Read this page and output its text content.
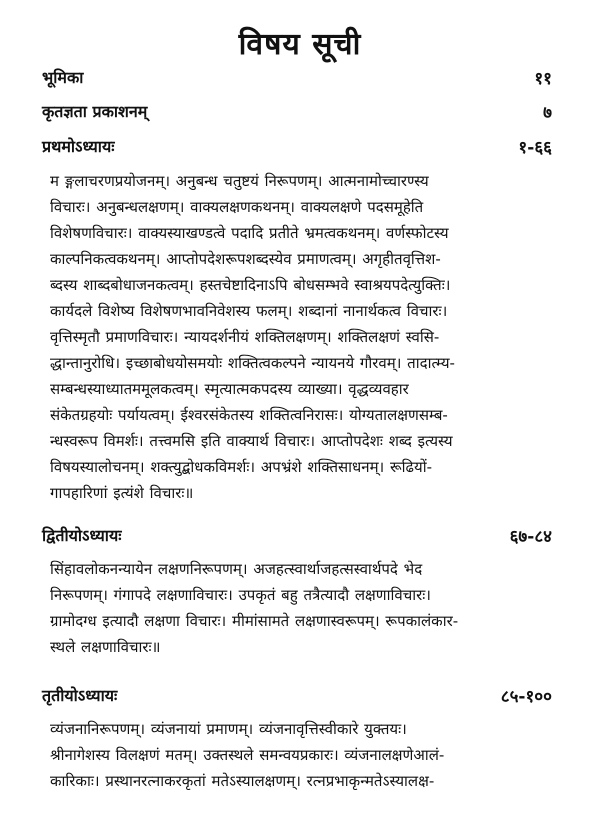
विषय सूची
भूमिका	११
कृतज्ञता प्रकाशनम्	७
प्रथमोऽध्यायः	१-६६
म ङ्गलाचरणप्रयोजनम्। अनुबन्ध चतुष्टयं निरूपणम्। आत्मनामोच्चारण्स्य
विचारः। अनुबन्धलक्षणम्। वाक्यलक्षणकथनम्। वाक्यलक्षणे पदसमूहेति
विशेषणविचारः। वाक्यस्याखण्डत्वे पदादि प्रतीते भ्रमत्वकथनम्। वर्णस्फोटस्य
काल्पनिकत्वकथनम्। आप्तोपदेशरूपशब्दस्येव प्रमाणत्वम्। अगृहीतवृत्तिश-
ब्दस्य शाब्दबोधाजनकत्वम्। हस्तचेष्टादिनाऽपि बोधसम्भवे स्वाश्रयपदेत्युक्तिः।
कार्यदले विशेष्य विशेषणभावनिवेशस्य फलम्। शब्दानां नानार्थकत्व विचारः।
वृत्तिस्मृतौ प्रमाणविचारः। न्यायदर्शनीयं शक्तिलक्षणम्। शक्तिलक्षणं स्वसि-
द्धान्तानुरोधि। इच्छाबोधयोसमयोः शक्तित्वकल्पने न्यायनये गौरवम्। तादात्म्य-
सम्बन्धस्याध्यातममूलकत्वम्। स्मृत्यात्मकपदस्य व्याख्या। वृद्धव्यवहार
संकेतग्रहयोः पर्यायत्वम्। ईश्वरसंकेतस्य शक्तित्वनिरासः। योग्यतालक्षणसम्ब-
न्धस्वरूप विमर्शः। तत्त्वमसि इति वाक्यार्थ विचारः। आप्तोपदेशः शब्द इत्यस्य
विषयस्यालोचनम्। शक्त्युद्बोधकविमर्शः। अपभ्रंशे शक्तिसाधनम्। रूढियों-
गापहारिणां इत्यंशे विचारः॥
द्वितीयोऽध्यायः	६७-८४
सिंहावलोकनन्यायेन लक्षणनिरूपणम्। अजहत्स्वार्थाजहत्सस्वार्थपदे भेद
निरूपणम्। गंगापदे लक्षणाविचारः। उपकृतं बहु तत्रैत्यादौ लक्षणाविचारः।
ग्रामोदग्ध इत्यादौ लक्षणा विचारः। मीमांसामते लक्षणास्वरूपम्। रूपकालंकार-
स्थले लक्षणाविचारः॥
तृतीयोऽध्यायः	८५-१००
व्यंजनानिरूपणम्। व्यंजनायां प्रमाणम्। व्यंजनावृत्तिस्वीकारे युक्तयः।
श्रीनागेशस्य विलक्षणं मतम्। उक्तस्थले समन्वयप्रकारः। व्यंजनालक्षणेआलं-
कारिकाः। प्रस्थानरत्नाकरकृतां मतेऽस्यालक्षणम्। रत्नप्रभाकृन्मतेऽस्यालक्ष-
